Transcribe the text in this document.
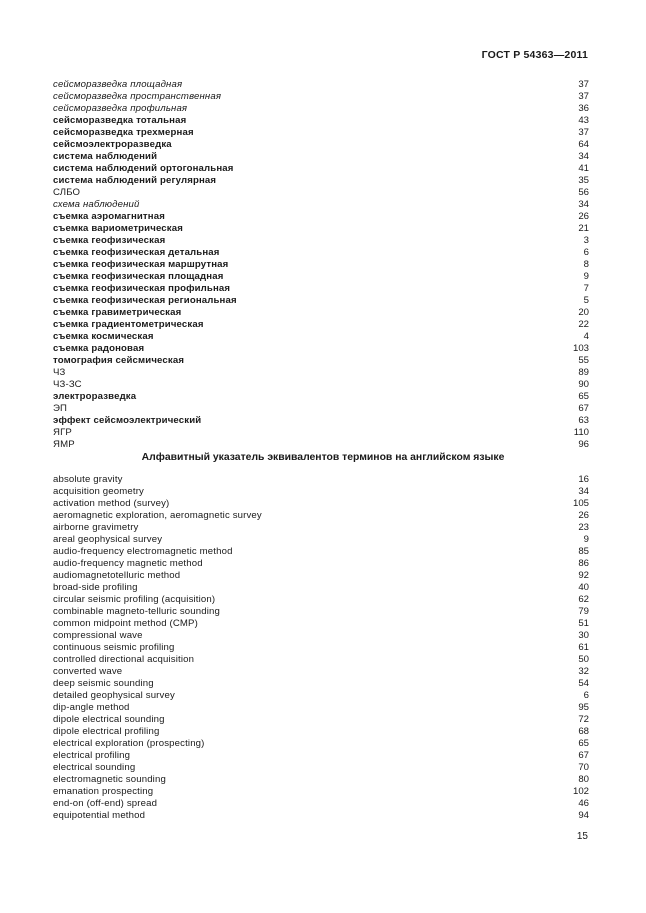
ГОСТ Р 54363—2011
сейсморазведка площадная	37
сейсморазведка пространственная	37
сейсморазведка профильная	36
сейсморазведка тотальная	43
сейсморазведка трехмерная	37
сейсмоэлектроразведка	64
система наблюдений	34
система наблюдений ортогональная	41
система наблюдений регулярная	35
СЛБО	56
схема наблюдений	34
съемка аэромагнитная	26
съемка вариометрическая	21
съемка геофизическая	3
съемка геофизическая детальная	6
съемка геофизическая маршрутная	8
съемка геофизическая площадная	9
съемка геофизическая профильная	7
съемка геофизическая региональная	5
съемка гравиметрическая	20
съемка градиентометрическая	22
съемка космическая	4
съемка радоновая	103
томография сейсмическая	55
ЧЗ	89
ЧЗ-ЗС	90
электроразведка	65
ЭП	67
эффект сейсмоэлектрический	63
ЯГР	110
ЯМР	96
Алфавитный указатель эквивалентов терминов на английском языке
absolute gravity	16
acquisition geometry	34
activation method (survey)	105
aeromagnetic exploration, aeromagnetic survey	26
airborne gravimetry	23
areal geophysical survey	9
audio-frequency electromagnetic method	85
audio-frequency magnetic method	86
audiomagnetotelluric method	92
broad-side profiling	40
circular seismic profiling (acquisition)	62
combinable magneto-telluric sounding	79
common midpoint method (CMP)	51
compressional wave	30
continuous seismic profiling	61
controlled directional acquisition	50
converted wave	32
deep seismic sounding	54
detailed geophysical survey	6
dip-angle method	95
dipole electrical sounding	72
dipole electrical profiling	68
electrical exploration (prospecting)	65
electrical profiling	67
electrical sounding	70
electromagnetic sounding	80
emanation prospecting	102
end-on (off-end) spread	46
equipotential method	94
15
